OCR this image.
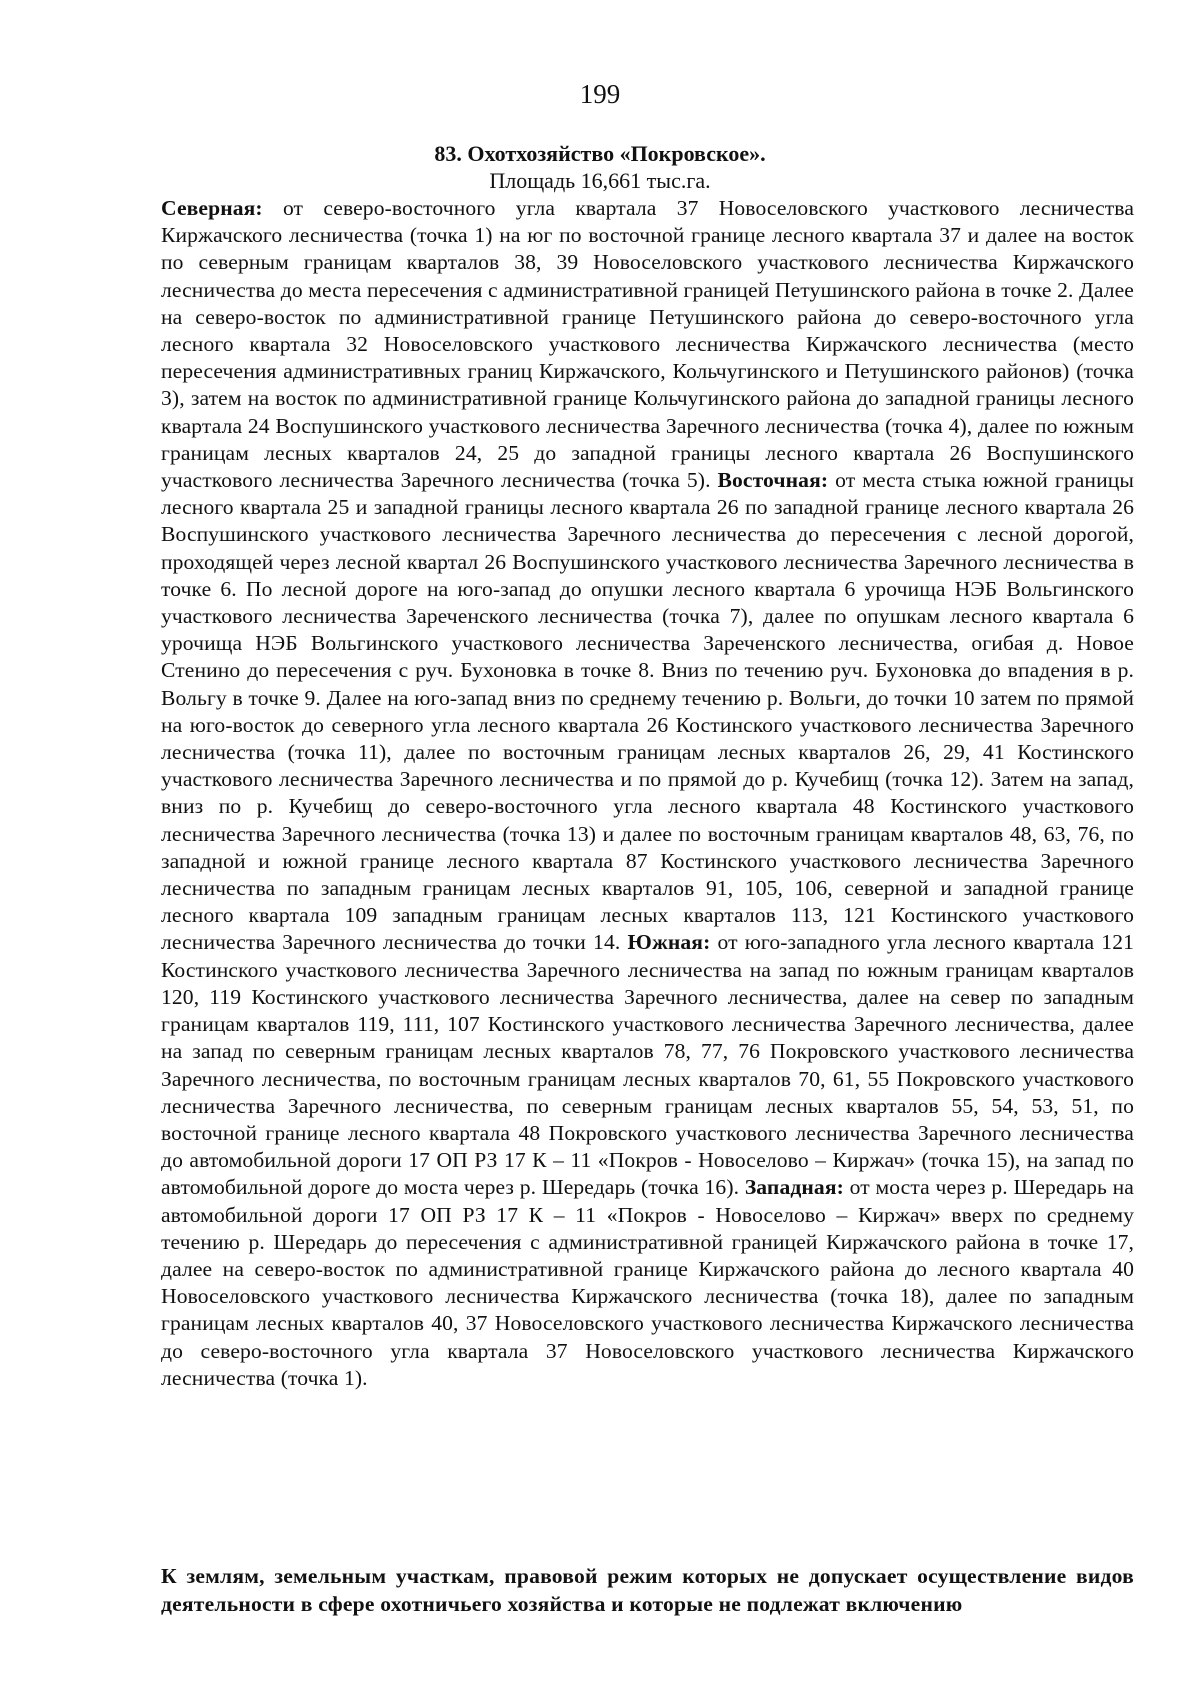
199
83. Охотхозяйство «Покровское».
Площадь 16,661 тыс.га.

Северная: от северо-восточного угла квартала 37 Новоселовского участкового лесничества Киржачского лесничества (точка 1) на юг по восточной границе лесного квартала 37 и далее на восток по северным границам кварталов 38, 39 Новоселовского участкового лесничества Киржачского лесничества до места пересечения с административной границей Петушинского района в точке 2. Далее на северо-восток по административной границе Петушинского района до северо-восточного угла лесного квартала 32 Новоселовского участкового лесничества Киржачского лесничества (место пересечения административных границ Киржачского, Кольчугинского и Петушинского районов) (точка 3), затем на восток по административной границе Кольчугинского района до западной границы лесного квартала 24 Воспушинского участкового лесничества Заречного лесничества (точка 4), далее по южным границам лесных кварталов 24, 25 до западной границы лесного квартала 26 Воспушинского участкового лесничества Заречного лесничества (точка 5). Восточная: от места стыка южной границы лесного квартала 25 и западной границы лесного квартала 26 по западной границе лесного квартала 26 Воспушинского участкового лесничества Заречного лесничества до пересечения с лесной дорогой, проходящей через лесной квартал 26 Воспушинского участкового лесничества Заречного лесничества в точке 6. По лесной дороге на юго-запад до опушки лесного квартала 6 урочища НЭБ Вольгинского участкового лесничества Зареченского лесничества (точка 7), далее по опушкам лесного квартала 6 урочища НЭБ Вольгинского участкового лесничества Зареченского лесничества, огибая д. Новое Стенино до пересечения с руч. Бухоновка в точке 8. Вниз по течению руч. Бухоновка до впадения в р. Вольгу в точке 9. Далее на юго-запад вниз по среднему течению р. Вольги, до точки 10 затем по прямой на юго-восток до северного угла лесного квартала 26 Костинского участкового лесничества Заречного лесничества (точка 11), далее по восточным границам лесных кварталов 26, 29, 41 Костинского участкового лесничества Заречного лесничества и по прямой до р. Кучебищ (точка 12). Затем на запад, вниз по р. Кучебищ до северо-восточного угла лесного квартала 48 Костинского участкового лесничества Заречного лесничества (точка 13) и далее по восточным границам кварталов 48, 63, 76, по западной и южной границе лесного квартала 87 Костинского участкового лесничества Заречного лесничества по западным границам лесных кварталов 91, 105, 106, северной и западной границе лесного квартала 109 западным границам лесных кварталов 113, 121 Костинского участкового лесничества Заречного лесничества до точки 14. Южная: от юго-западного угла лесного квартала 121 Костинского участкового лесничества Заречного лесничества на запад по южным границам кварталов 120, 119 Костинского участкового лесничества Заречного лесничества, далее на север по западным границам кварталов 119, 111, 107 Костинского участкового лесничества Заречного лесничества, далее на запад по северным границам лесных кварталов 78, 77, 76 Покровского участкового лесничества Заречного лесничества, по восточным границам лесных кварталов 70, 61, 55 Покровского участкового лесничества Заречного лесничества, по северным границам лесных кварталов 55, 54, 53, 51, по восточной границе лесного квартала 48 Покровского участкового лесничества Заречного лесничества до автомобильной дороги 17 ОП РЗ 17 К – 11 «Покров - Новоселово – Киржач» (точка 15), на запад по автомобильной дороге до моста через р. Шередарь (точка 16). Западная: от моста через р. Шередарь на автомобильной дороги 17 ОП РЗ 17 К – 11 «Покров - Новоселово – Киржач» вверх по среднему течению р. Шередарь до пересечения с административной границей Киржачского района в точке 17, далее на северо-восток по административной границе Киржачского района до лесного квартала 40 Новоселовского участкового лесничества Киржачского лесничества (точка 18), далее по западным границам лесных кварталов 40, 37 Новоселовского участкового лесничества Киржачского лесничества до северо-восточного угла квартала 37 Новоселовского участкового лесничества Киржачского лесничества (точка 1).

К землям, земельным участкам, правовой режим которых не допускает осуществление видов деятельности в сфере охотничьего хозяйства и которые не подлежат включению
